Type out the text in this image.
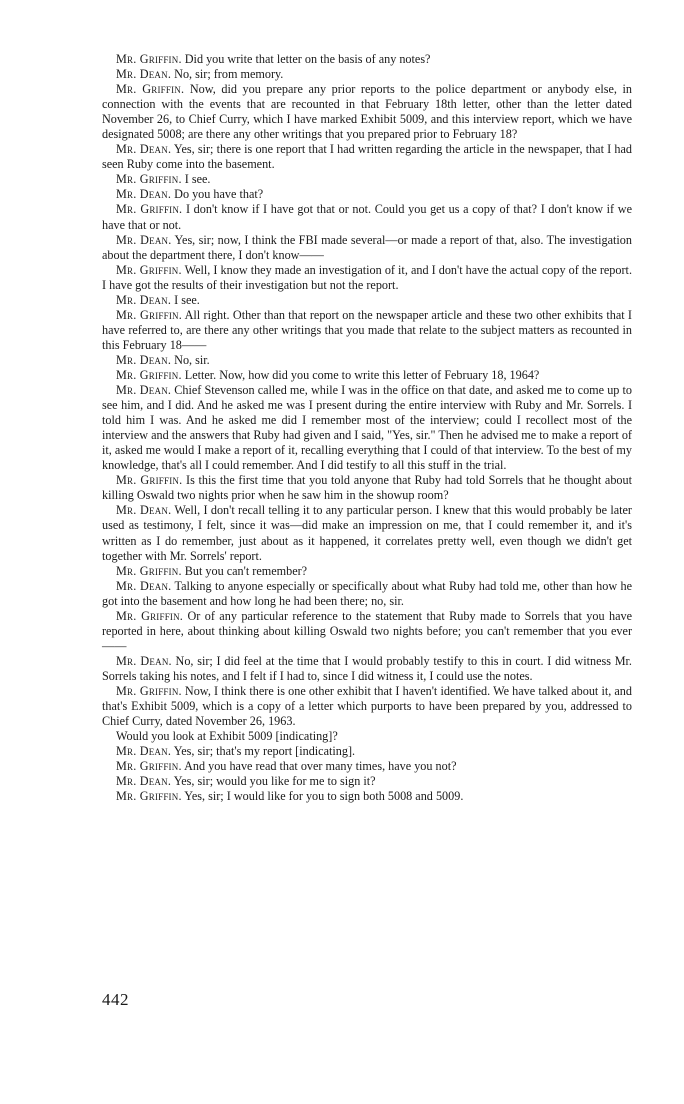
Mr. Griffin. Did you write that letter on the basis of any notes?

Mr. Dean. No, sir; from memory.

Mr. Griffin. Now, did you prepare any prior reports to the police department or anybody else, in connection with the events that are recounted in that February 18th letter, other than the letter dated November 26, to Chief Curry, which I have marked Exhibit 5009, and this interview report, which we have designated 5008; are there any other writings that you prepared prior to February 18?

Mr. Dean. Yes, sir; there is one report that I had written regarding the article in the newspaper, that I had seen Ruby come into the basement.

Mr. Griffin. I see.

Mr. Dean. Do you have that?

Mr. Griffin. I don't know if I have got that or not. Could you get us a copy of that? I don't know if we have that or not.

Mr. Dean. Yes, sir; now, I think the FBI made several—or made a report of that, also. The investigation about the department there, I don't know——

Mr. Griffin. Well, I know they made an investigation of it, and I don't have the actual copy of the report. I have got the results of their investigation but not the report.

Mr. Dean. I see.

Mr. Griffin. All right. Other than that report on the newspaper article and these two other exhibits that I have referred to, are there any other writings that you made that relate to the subject matters as recounted in this February 18——

Mr. Dean. No, sir.

Mr. Griffin. Letter. Now, how did you come to write this letter of February 18, 1964?

Mr. Dean. Chief Stevenson called me, while I was in the office on that date, and asked me to come up to see him, and I did. And he asked me was I present during the entire interview with Ruby and Mr. Sorrels. I told him I was. And he asked me did I remember most of the interview; could I recollect most of the interview and the answers that Ruby had given and I said, "Yes, sir." Then he advised me to make a report of it, asked me would I make a report of it, recalling everything that I could of that interview. To the best of my knowledge, that's all I could remember. And I did testify to all this stuff in the trial.

Mr. Griffin. Is this the first time that you told anyone that Ruby had told Sorrels that he thought about killing Oswald two nights prior when he saw him in the showup room?

Mr. Dean. Well, I don't recall telling it to any particular person. I knew that this would probably be later used as testimony, I felt, since it was—did make an impression on me, that I could remember it, and it's written as I do remember, just about as it happened, it correlates pretty well, even though we didn't get together with Mr. Sorrels' report.

Mr. Griffin. But you can't remember?

Mr. Dean. Talking to anyone especially or specifically about what Ruby had told me, other than how he got into the basement and how long he had been there; no, sir.

Mr. Griffin. Or of any particular reference to the statement that Ruby made to Sorrels that you have reported in here, about thinking about killing Oswald two nights before; you can't remember that you ever——

Mr. Dean. No, sir; I did feel at the time that I would probably testify to this in court. I did witness Mr. Sorrels taking his notes, and I felt if I had to, since I did witness it, I could use the notes.

Mr. Griffin. Now, I think there is one other exhibit that I haven't identified. We have talked about it, and that's Exhibit 5009, which is a copy of a letter which purports to have been prepared by you, addressed to Chief Curry, dated November 26, 1963.

Would you look at Exhibit 5009 [indicating]?

Mr. Dean. Yes, sir; that's my report [indicating].

Mr. Griffin. And you have read that over many times, have you not?

Mr. Dean. Yes, sir; would you like for me to sign it?

Mr. Griffin. Yes, sir; I would like for you to sign both 5008 and 5009.

442
